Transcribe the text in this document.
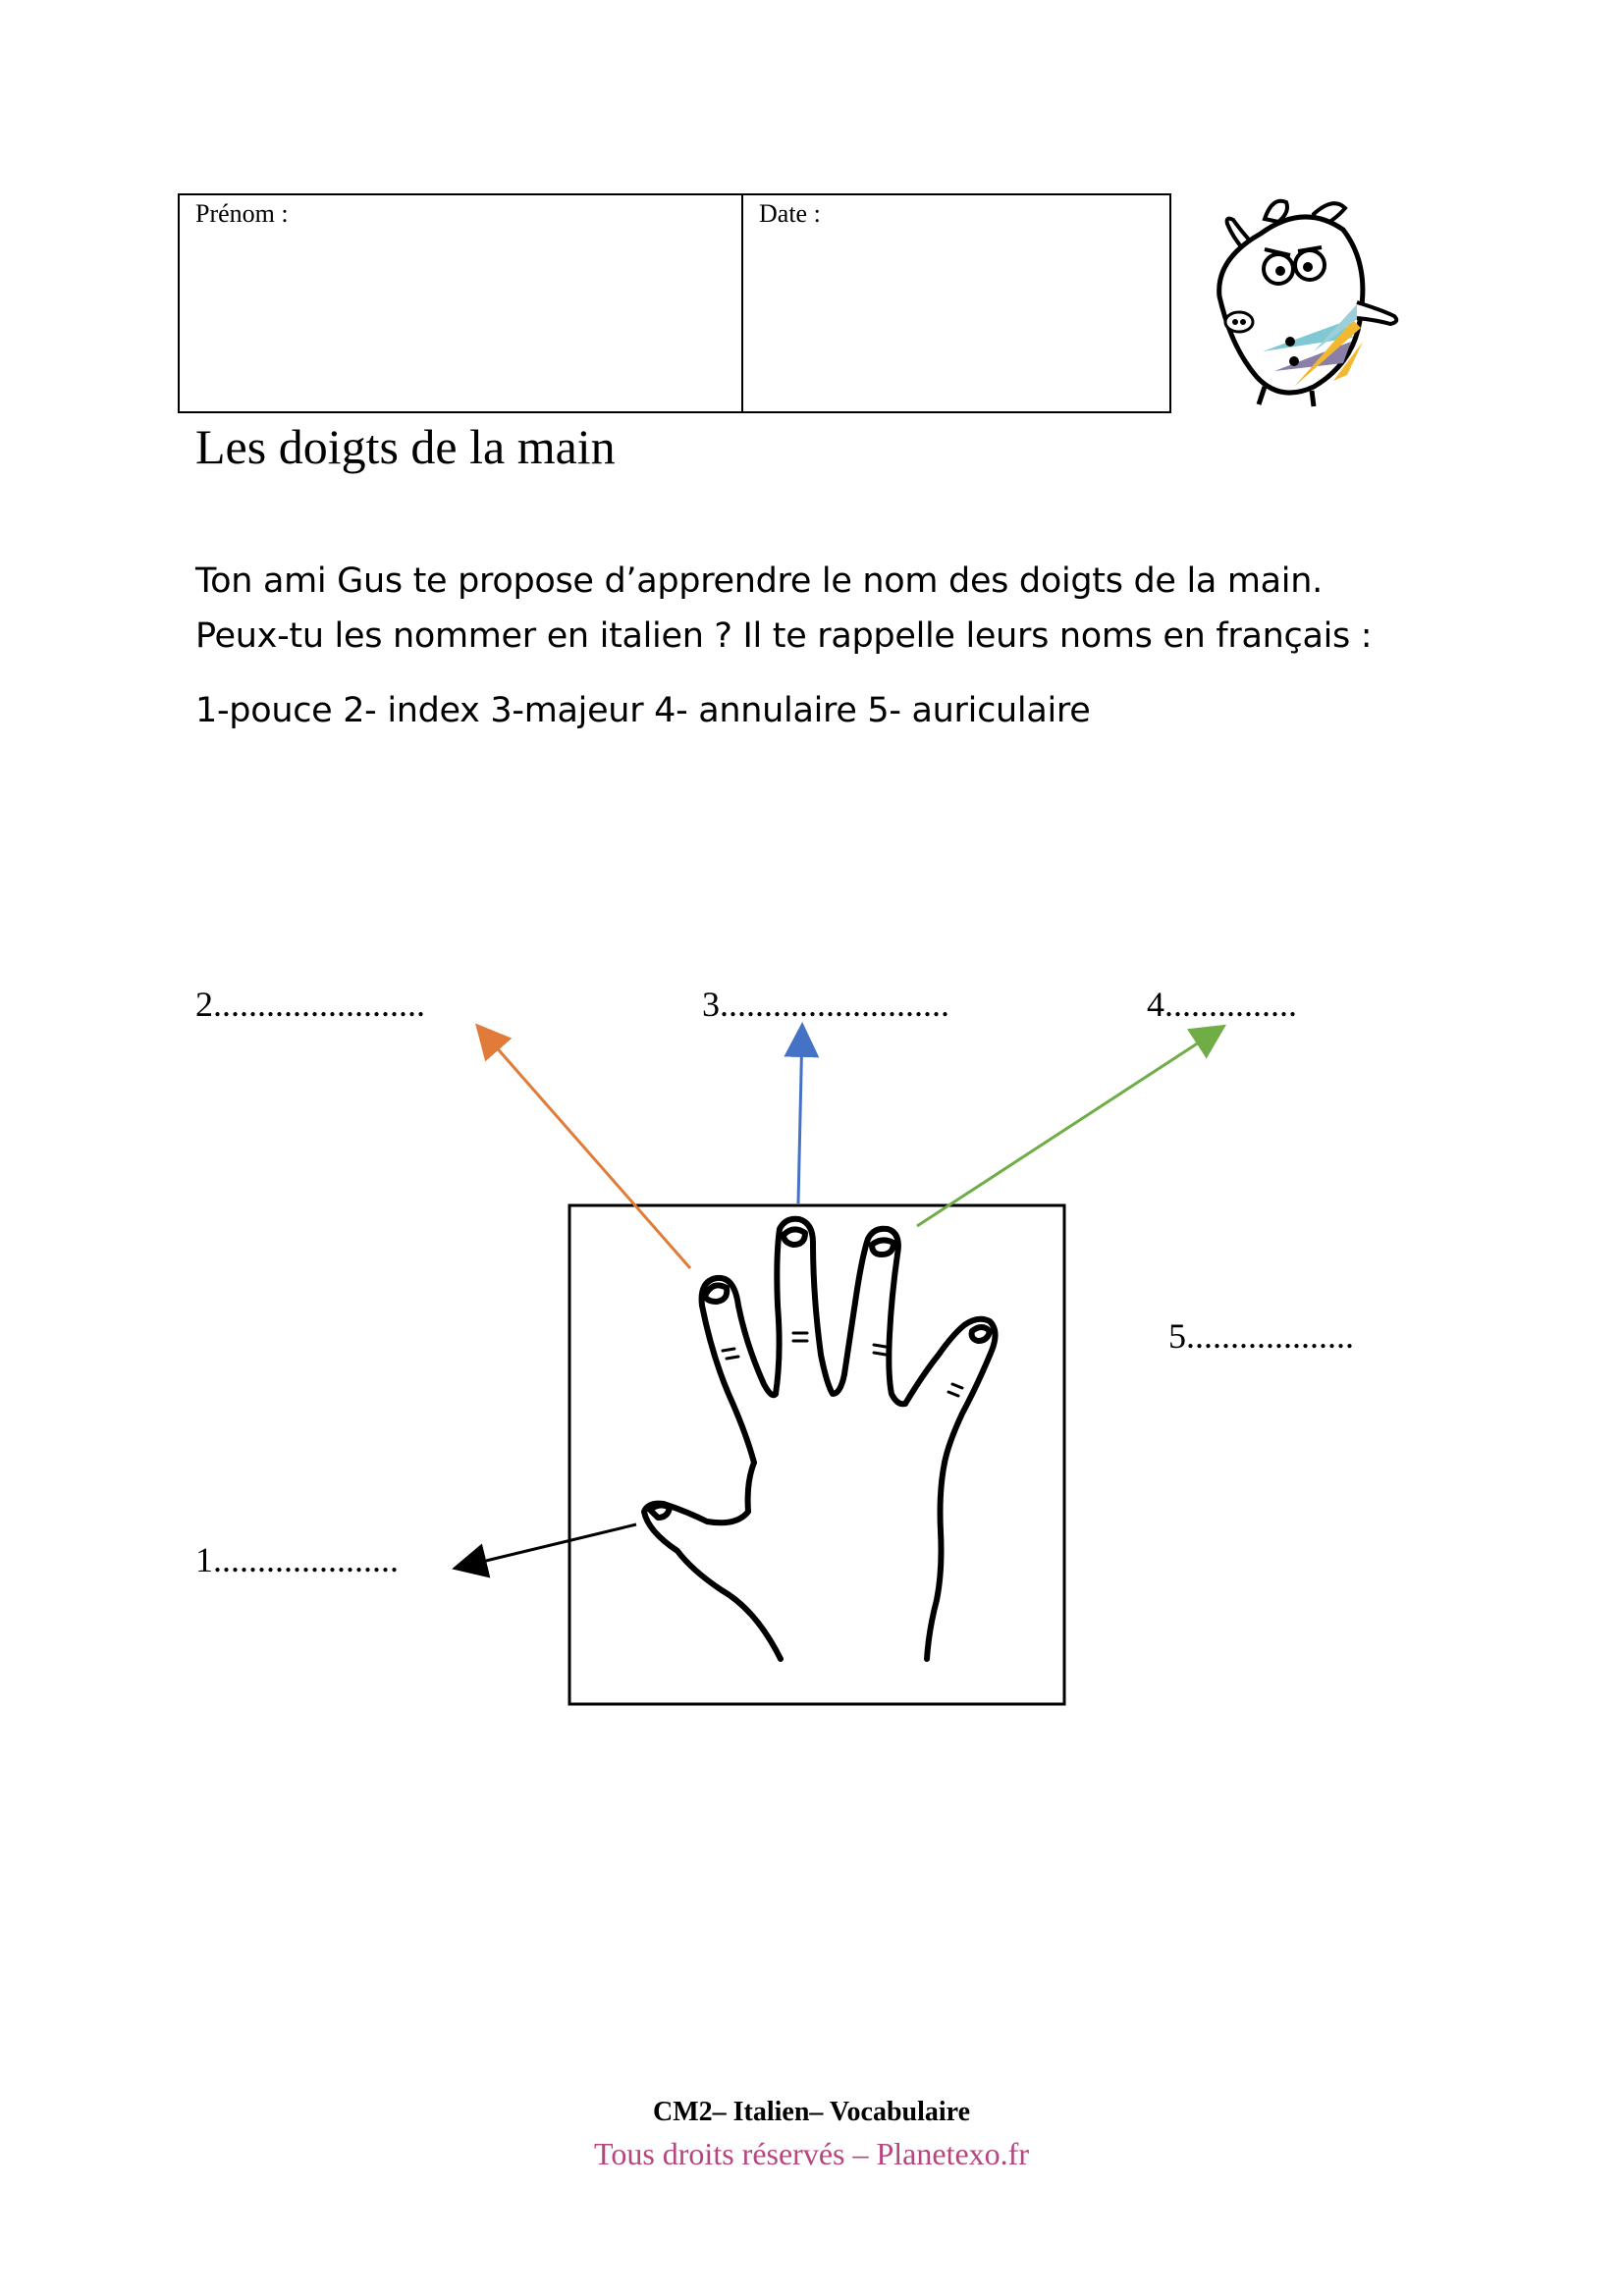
Prénom :	Date :
Les doigts de la main
Ton ami Gus te propose d’apprendre le nom des doigts de la main.
Peux-tu les nommer en italien ? Il te rappelle leurs noms en français :
1-pouce 2- index 3-majeur 4- annulaire 5- auriculaire
2........................	3..........................	4...............
5...................
1.....................
CM2– Italien– Vocabulaire
Tous droits réservés – Planetexo.fr
